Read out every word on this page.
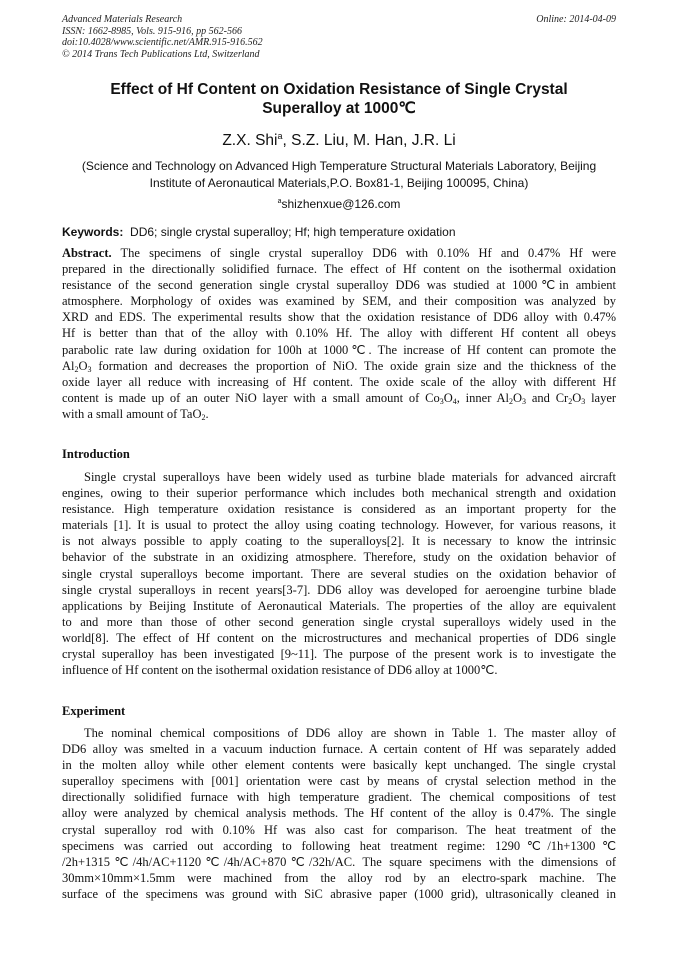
Advanced Materials Research
ISSN: 1662-8985, Vols. 915-916, pp 562-566
doi:10.4028/www.scientific.net/AMR.915-916.562
© 2014 Trans Tech Publications Ltd, Switzerland
Online: 2014-04-09
Effect of Hf Content on Oxidation Resistance of Single Crystal
Superalloy at 1000℃
Z.X. Shi$^a$, S.Z. Liu, M. Han, J.R. Li
(Science and Technology on Advanced High Temperature Structural Materials Laboratory, Beijing
Institute of Aeronautical Materials,P.O. Box81-1, Beijing 100095, China)
$^a$shizhenxue@126.com
Keywords: DD6; single crystal superalloy; Hf; high temperature oxidation
Abstract. The specimens of single crystal superalloy DD6 with 0.10% Hf and 0.47% Hf were
prepared in the directionally solidified furnace. The effect of Hf content on the isothermal oxidation
resistance of the second generation single crystal superalloy DD6 was studied at 1000℃in ambient
atmosphere. Morphology of oxides was examined by SEM, and their composition was analyzed by
XRD and EDS. The experimental results show that the oxidation resistance of DD6 alloy with 0.47%
Hf is better than that of the alloy with 0.10% Hf. The alloy with different Hf content all obeys
parabolic rate law during oxidation for 100h at 1000℃. The increase of Hf content can promote the
$Al_2O_3$ formation and decreases the proportion of NiO. The oxide grain size and the thickness of the
oxide layer all reduce with increasing of Hf content. The oxide scale of the alloy with different Hf
content is made up of an outer NiO layer with a small amount of $Co_3O_4$, inner $Al_2O_3$ and $Cr_2O_3$ layer
with a small amount of TaO$_2$.
Introduction
Single crystal superalloys have been widely used as turbine blade materials for advanced aircraft
engines, owing to their superior performance which includes both mechanical strength and oxidation
resistance. High temperature oxidation resistance is considered as an important property for the
materials [1]. It is usual to protect the alloy using coating technology. However, for various reasons, it
is not always possible to apply coating to the superalloys[2]. It is necessary to know the intrinsic
behavior of the substrate in an oxidizing atmosphere. Therefore, study on the oxidation behavior of
single crystal superalloys become important. There are several studies on the oxidation behavior of
single crystal superalloys in recent years[3-7]. DD6 alloy was developed for aeroengine turbine blade
applications by Beijing Institute of Aeronautical Materials. The properties of the alloy are equivalent
to and more than those of other second generation single crystal superalloys widely used in the
world[8]. The effect of Hf content on the microstructures and mechanical properties of DD6 single
crystal superalloy has been investigated [9~11]. The purpose of the present work is to investigate the
influence of Hf content on the isothermal oxidation resistance of DD6 alloy at 1000℃.
Experiment
The nominal chemical compositions of DD6 alloy are shown in Table 1. The master alloy of
DD6 alloy was smelted in a vacuum induction furnace. A certain content of Hf was separately added
in the molten alloy while other element contents were basically kept unchanged. The single crystal
superalloy specimens with [001] orientation were cast by means of crystal selection method in the
directionally solidified furnace with high temperature gradient. The chemical compositions of test
alloy were analyzed by chemical analysis methods. The Hf content of the alloy is 0.47%. The single
crystal superalloy rod with 0.10% Hf was also cast for comparison. The heat treatment of the
specimens was carried out according to following heat treatment regime: 1290℃/1h+1300℃
/2h+1315℃/4h/AC+1120℃/4h/AC+870℃/32h/AC. The square specimens with the dimensions of
30mm×10mm×1.5mm were machined from the alloy rod by an electro-spark machine. The
surface of the specimens was ground with SiC abrasive paper (1000 grid), ultrasonically cleaned in
